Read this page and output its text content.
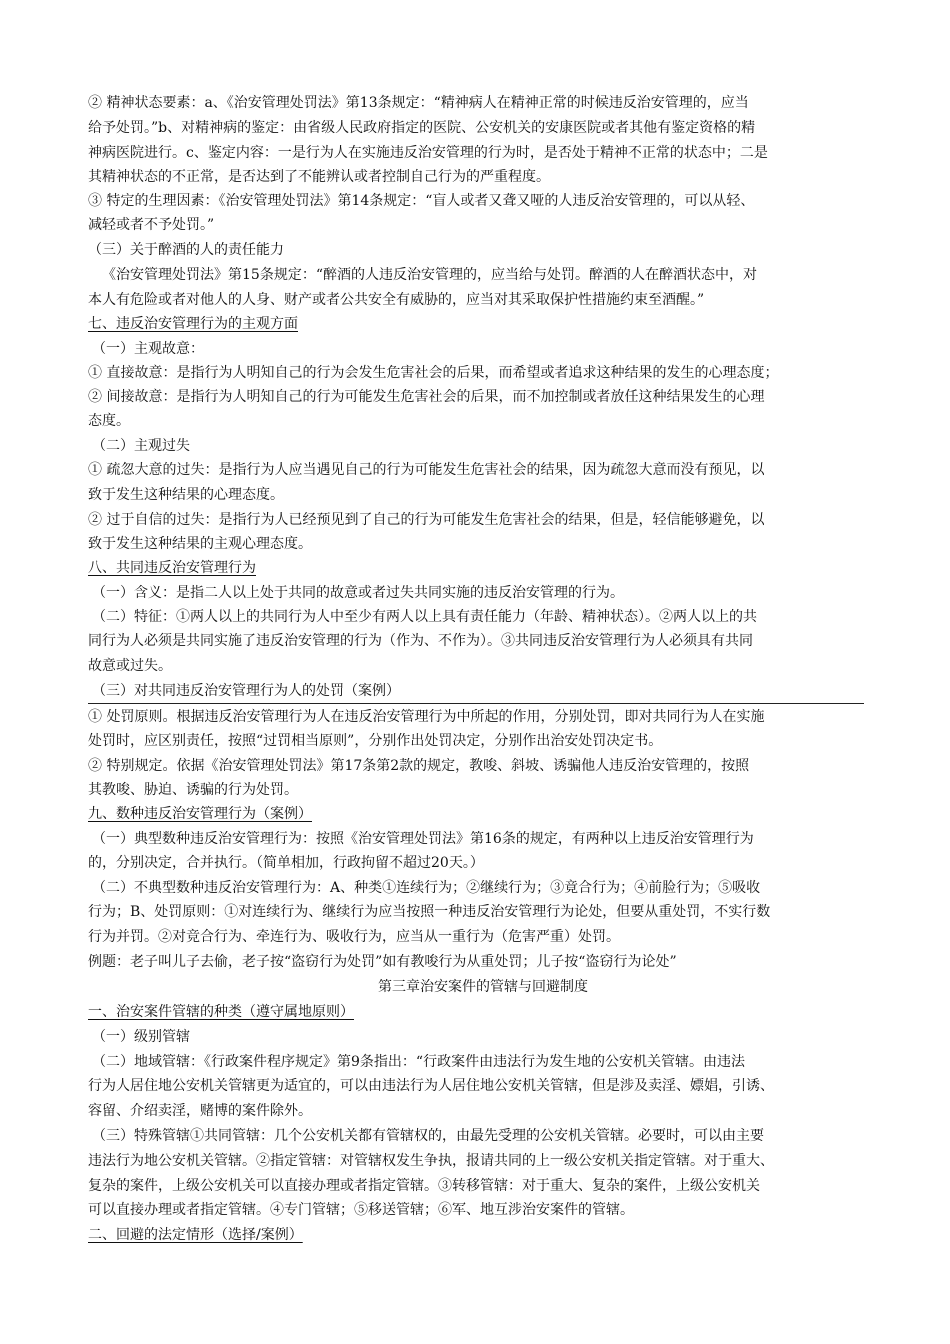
② 精神状态要素：a、《治安管理处罚法》第13条规定：“精神病人在精神正常的时候违反治安管理的，应当
给予处罚。”b、对精神病的鉴定：由省级人民政府指定的医院、公安机关的安康医院或者其他有鉴定资格的精
神病医院进行。c、鉴定内容：一是行为人在实施违反治安管理的行为时，是否处于精神不正常的状态中；二是
其精神状态的不正常，是否达到了不能辨认或者控制自己行为的严重程度。
③ 特定的生理因素：《治安管理处罚法》第14条规定：“盲人或者又聋又哑的人违反治安管理的，可以从轻、
减轻或者不予处罚。”
（三）关于醉酒的人的责任能力
《治安管理处罚法》第15条规定：“醉酒的人违反治安管理的，应当给与处罚。醉酒的人在醉酒状态中，对
本人有危险或者对他人的人身、财产或者公共安全有威胁的，应当对其采取保护性措施约束至酒醒。”
七、违反治安管理行为的主观方面
（一）主观故意：
① 直接故意：是指行为人明知自己的行为会发生危害社会的后果，而希望或者追求这种结果的发生的心理态度；
② 间接故意：是指行为人明知自己的行为可能发生危害社会的后果，而不加控制或者放任这种结果发生的心理
态度。
（二）主观过失
① 疏忽大意的过失：是指行为人应当遇见自己的行为可能发生危害社会的结果，因为疏忽大意而没有预见，以
致于发生这种结果的心理态度。
② 过于自信的过失：是指行为人已经预见到了自己的行为可能发生危害社会的结果，但是，轻信能够避免，以
致于发生这种结果的主观心理态度。
八、共同违反治安管理行为
（一）含义：是指二人以上处于共同的故意或者过失共同实施的违反治安管理的行为。
（二）特征：①两人以上的共同行为人中至少有两人以上具有责任能力（年龄、精神状态）。②两人以上的共
同行为人必须是共同实施了违反治安管理的行为（作为、不作为）。③共同违反治安管理行为人必须具有共同
故意或过失。
（三）对共同违反治安管理行为人的处罚（案例）
① 处罚原则。根据违反治安管理行为人在违反治安管理行为中所起的作用，分别处罚，即对共同行为人在实施
处罚时，应区别责任，按照“过罚相当原则”，分别作出处罚决定，分别作出治安处罚决定书。
② 特别规定。依据《治安管理处罚法》第17条第2款的规定，教唆、斜坡、诱骗他人违反治安管理的，按照
其教唆、胁迫、诱骗的行为处罚。
九、数种违反治安管理行为（案例）
（一）典型数种违反治安管理行为：按照《治安管理处罚法》第16条的规定，有两种以上违反治安管理行为
的，分别决定，合并执行。（简单相加，行政拘留不超过20天。）
（二）不典型数种违反治安管理行为：A、种类①连续行为；②继续行为；③竟合行为；④前脸行为；⑤吸收
行为；B、处罚原则：①对连续行为、继续行为应当按照一种违反治安管理行为论处，但要从重处罚，不实行数
行为并罚。②对竞合行为、牵连行为、吸收行为，应当从一重行为（危害严重）处罚。
例题：老子叫儿子去偷，老子按“盗窃行为处罚”如有教唆行为从重处罚；儿子按“盗窃行为论处”
第三章治安案件的管辖与回避制度
一、治安案件管辖的种类（遵守属地原则）
（一）级别管辖
（二）地域管辖：《行政案件程序规定》第9条指出：“行政案件由违法行为发生地的公安机关管辖。由违法
行为人居住地公安机关管辖更为适宜的，可以由违法行为人居住地公安机关管辖，但是涉及卖淫、嫖娼，引诱、
容留、介绍卖淫，赌博的案件除外。
（三）特殊管辖①共同管辖：几个公安机关都有管辖权的，由最先受理的公安机关管辖。必要时，可以由主要
违法行为地公安机关管辖。②指定管辖：对管辖权发生争执，报请共同的上一级公安机关指定管辖。对于重大、
复杂的案件，上级公安机关可以直接办理或者指定管辖。③转移管辖：对于重大、复杂的案件，上级公安机关
可以直接办理或者指定管辖。④专门管辖；⑤移送管辖；⑥军、地互涉治安案件的管辖。
二、回避的法定情形（选择/案例）
